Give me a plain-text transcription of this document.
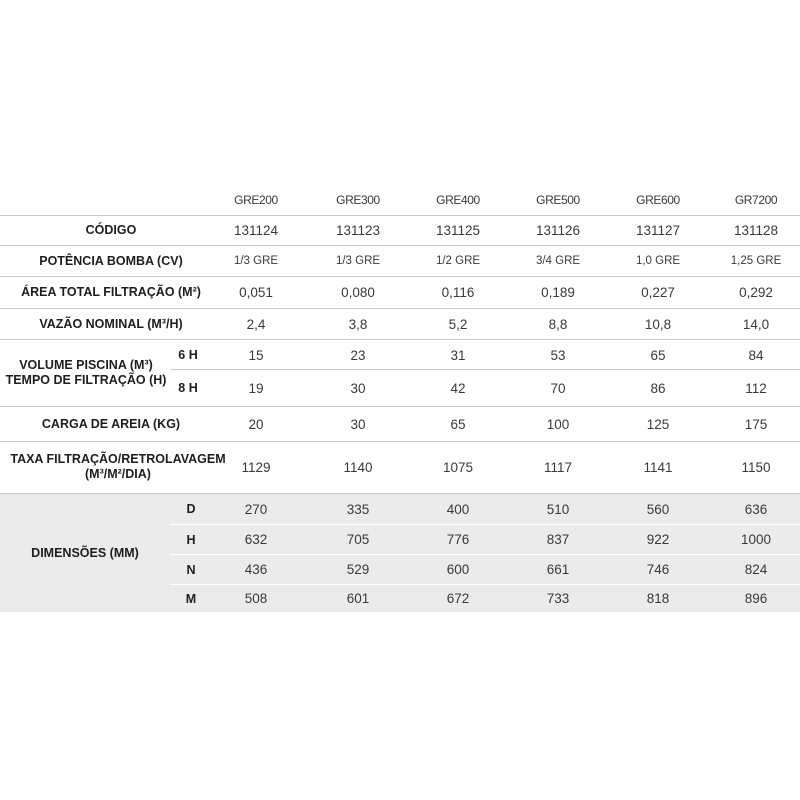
GRE200	GRE300	GRE400	GRE500	GRE600	GR7200
CÓDIGO	131124	131123	131125	131126	131127	131128
POTÊNCIA BOMBA (CV)	1/3 GRE	1/3 GRE	1/2 GRE	3/4 GRE	1,0 GRE	1,25 GRE
ÁREA TOTAL FILTRAÇÃO (M²)	0,051	0,080	0,116	0,189	0,227	0,292
VAZÃO NOMINAL (M³/H)	2,4	3,8	5,2	8,8	10,8	14,0
VOLUME PISCINA (M³)
TEMPO DE FILTRAÇÃO (H)
6 H	15	23	31	53	65	84
8 H	19	30	42	70	86	112
CARGA DE AREIA (KG)	20	30	65	100	125	175
TAXA FILTRAÇÃO/RETROLAVAGEM
(M³/M²/DIA)	1129	1140	1075	1117	1141	1150
DIMENSÕES (MM)
D	270	335	400	510	560	636
H	632	705	776	837	922	1000
N	436	529	600	661	746	824
M	508	601	672	733	818	896
